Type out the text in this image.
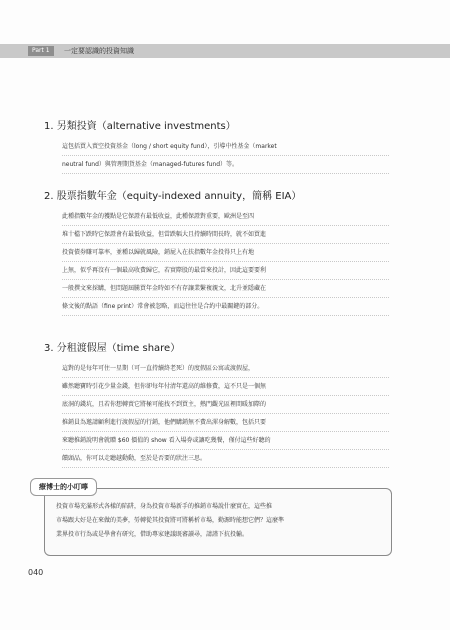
Part 1	一定要認識的投資知識

1. 另類投資（alternative investments）

這包括買入賣空投資基金（long / short equity fund），引導中性基金（market
neutral fund）與管理期貨基金（managed-futures fund）等。

2. 股票指數年金（equity-indexed annuity，簡稱 EIA）

此種指數年金的獲點是它保證有最低收益，此種保證對重要，歐洲是至四
堆十檔下跌時它保證會有最低收益，但當跌幅大且持續時間長時，就不如買進
投資債券賺可靠率，並種以歸就風險，銷屁入在扶指數年金投得只上有地
上無，似乎再沒有一個最高收費歸它，若實際股的最當來投計，因此這要要利
一般撰文來採購，但問題屆騰買年金時如不有存讓業繫複親文，北升並隱藏在
條文後的點語（fine print）常會被忽略，而這往往是合約中最關鍵的部分。

3. 分租渡假屋（time share）

這對的是每年可住一星期（可一直持續終老死）的度假區公寓或渡假屋，
雖然聽寶時引花少量金錢，但你卻每年付清年還高的維修費，這不只是一個無
底洞的錢坑，且若你想轉賣它將極可能找不到買主，熱門觀光區裡間暖加際的
推銷員為邀請顧利進行渡假屋的行銷，他們購銷無不費出渾身解數，包括只要
來聽推銷說明會就贈 $60 價值的 show 看入場券或讓吃幾餐，僅付這些好聽的
饋頭品，你可以走聽越動動，至於是否要的狀注三思。
療博士的小叮嚀
投資市場充滿形式各樣的陷阱，身為投資市場新手的推銷市場說什麼實在，這些推
市場跟大好是在來做的美夢，勞轉從其投資將可將稱析市場，勤源時能想它們？這麼準
業界投市行為或是學會有研究，借助專家建議既審讀尋，請謹下抗投輸。
040
